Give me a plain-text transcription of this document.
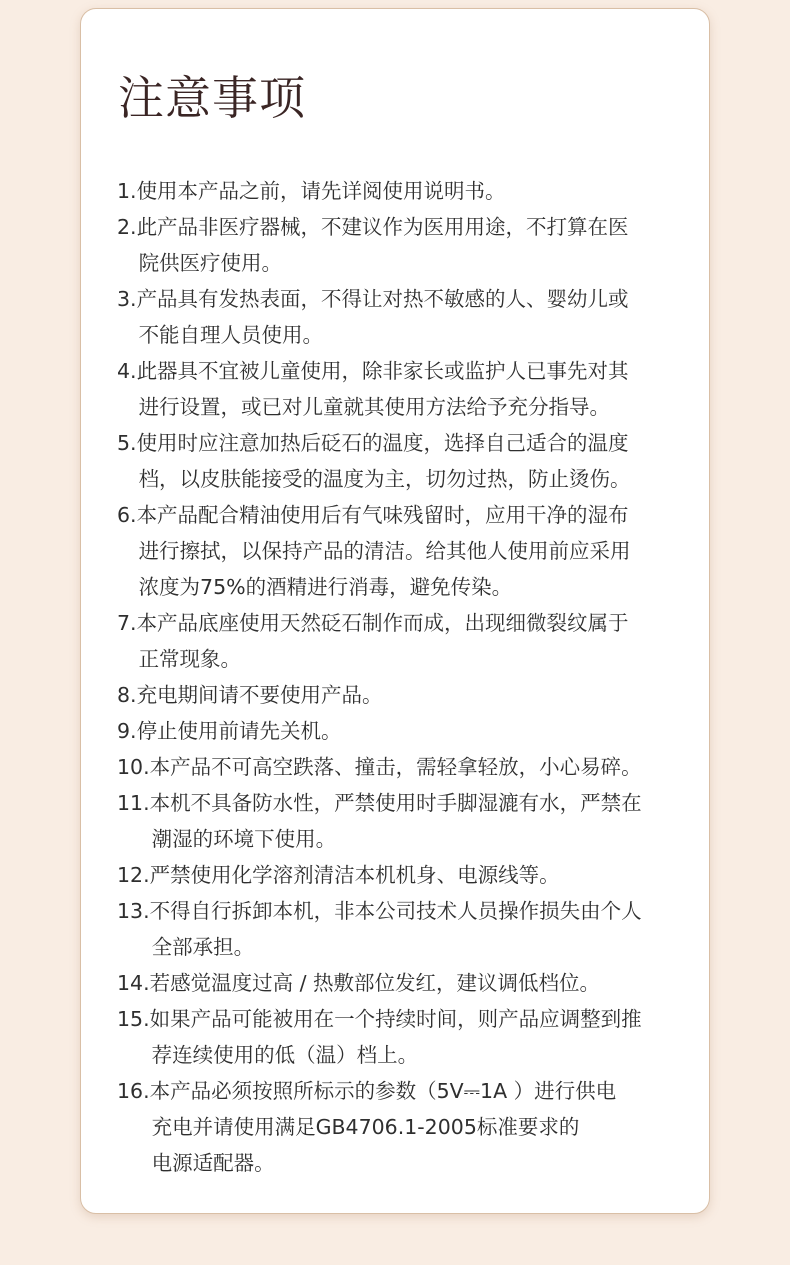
注意事项
1. 使用本产品之前，请先详阅使用说明书。
2. 此产品非医疗器械，不建议作为医用用途，不打算在医
院供医疗使用。
3. 产品具有发热表面，不得让对热不敏感的人、婴幼儿或
不能自理人员使用。
4. 此器具不宜被儿童使用，除非家长或监护人已事先对其
进行设置，或已对儿童就其使用方法给予充分指导。
5. 使用时应注意加热后砭石的温度，选择自己适合的温度
档，以皮肤能接受的温度为主，切勿过热，防止烫伤。
6. 本产品配合精油使用后有气味残留时，应用干净的湿布
进行擦拭，以保持产品的清洁。给其他人使用前应采用
浓度为75%的酒精进行消毒，避免传染。
7. 本产品底座使用天然砭石制作而成，出现细微裂纹属于
正常现象。
8. 充电期间请不要使用产品。
9. 停止使用前请先关机。
10. 本产品不可高空跌落、撞击，需轻拿轻放，小心易碎。
11. 本机不具备防水性，严禁使用时手脚湿漉有水，严禁在
潮湿的环境下使用。
12. 严禁使用化学溶剂清洁本机机身、电源线等。
13. 不得自行拆卸本机，非本公司技术人员操作损失由个人
全部承担。
14. 若感觉温度过高 / 热敷部位发红，建议调低档位。
15. 如果产品可能被用在一个持续时间，则产品应调整到推
荐连续使用的低（温）档上。
16. 本产品必须按照所标示的参数（5V⎓1A ）进行供电
充电并请使用满足GB4706.1-2005标准要求的
电源适配器。
